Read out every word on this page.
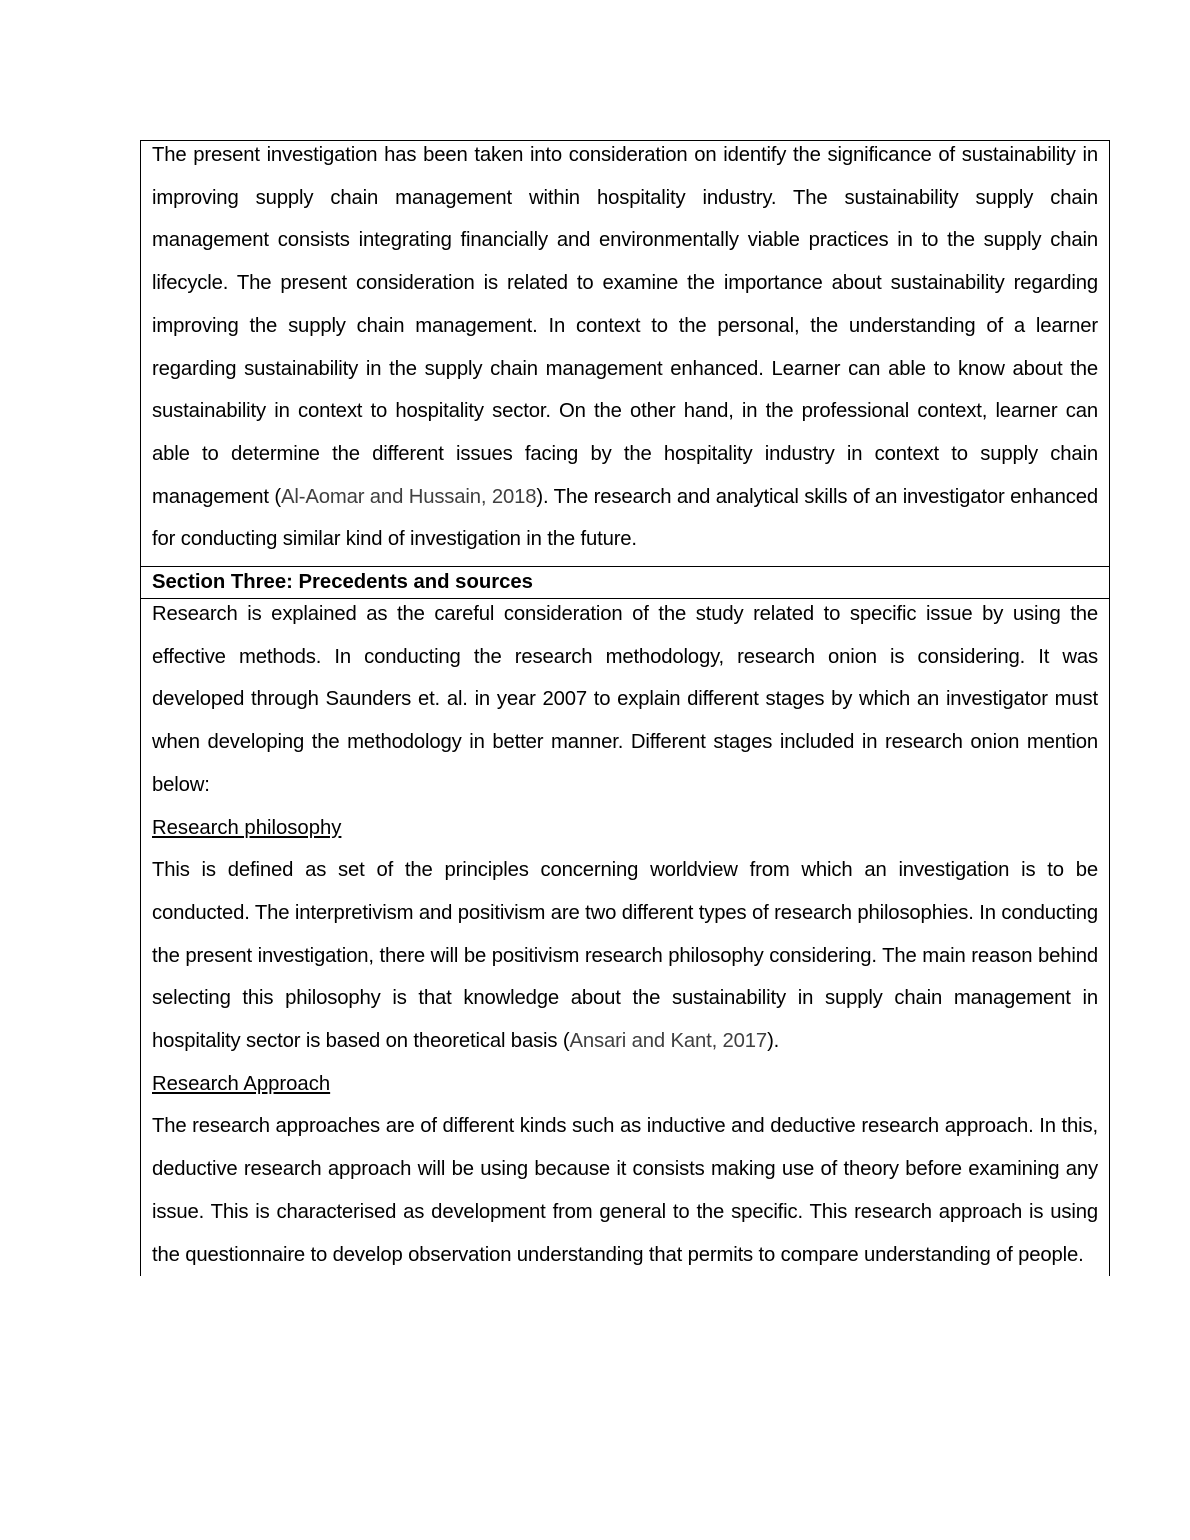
The present investigation has been taken into consideration on identify the significance of sustainability in improving supply chain management within hospitality industry. The sustainability supply chain management consists integrating financially and environmentally viable practices in to the supply chain lifecycle. The present consideration is related to examine the importance about sustainability regarding improving the supply chain management. In context to the personal, the understanding of a learner regarding sustainability in the supply chain management enhanced. Learner can able to know about the sustainability in context to hospitality sector. On the other hand, in the professional context, learner can able to determine the different issues facing by the hospitality industry in context to supply chain management (Al-Aomar and Hussain, 2018). The research and analytical skills of an investigator enhanced for conducting similar kind of investigation in the future.

Section Three: Precedents and sources

Research is explained as the careful consideration of the study related to specific issue by using the effective methods. In conducting the research methodology, research onion is considering. It was developed through Saunders et. al. in year 2007 to explain different stages by which an investigator must when developing the methodology in better manner. Different stages included in research onion mention below:

Research philosophy

This is defined as set of the principles concerning worldview from which an investigation is to be conducted. The interpretivism and positivism are two different types of research philosophies. In conducting the present investigation, there will be positivism research philosophy considering. The main reason behind selecting this philosophy is that knowledge about the sustainability in supply chain management in hospitality sector is based on theoretical basis (Ansari and Kant, 2017).

Research Approach

The research approaches are of different kinds such as inductive and deductive research approach. In this, deductive research approach will be using because it consists making use of theory before examining any issue. This is characterised as development from general to the specific. This research approach is using the questionnaire to develop observation understanding that permits to compare understanding of people.
